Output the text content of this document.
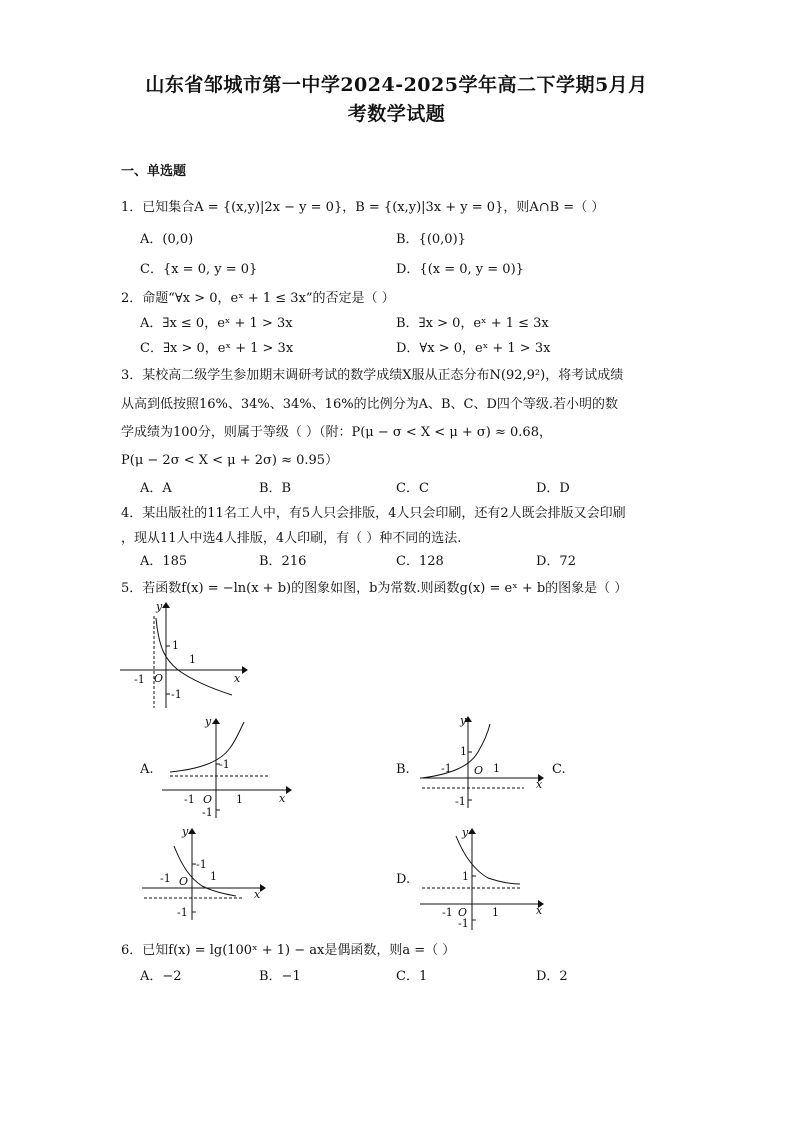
山东省邹城市第一中学2024-2025学年高二下学期5月月
考数学试题
一、单选题
1．已知集合A = {(x,y)|2x − y = 0}，B = {(x,y)|3x + y = 0}，则A∩B =（ ）
A．(0,0)	B．{(0,0)}
C．{x = 0, y = 0}	D．{(x = 0, y = 0)}
2．命题“∀x > 0，eˣ + 1 ≤ 3x”的否定是（ ）
A．∃x ≤ 0，eˣ + 1 > 3x	B．∃x > 0，eˣ + 1 ≤ 3x
C．∃x > 0，eˣ + 1 > 3x	D．∀x > 0，eˣ + 1 > 3x
3．某校高二级学生参加期末调研考试的数学成绩X服从正态分布N(92,9²)，将考试成绩
从高到低按照16%、34%、34%、16%的比例分为A、B、C、D四个等级.若小明的数
学成绩为100分，则属于等级（ ）（附：P(μ − σ < X < μ + σ) ≈ 0.68，
P(μ − 2σ < X < μ + 2σ) ≈ 0.95）
A．A	B．B	C．C	D．D
4．某出版社的11名工人中，有5人只会排版，4人只会印刷，还有2人既会排版又会印刷
，现从11人中选4人排版，4人印刷，有（ ）种不同的选法.
A．185	B．216	C．128	D．72
5．若函数f(x) = −ln(x + b)的图象如图，b为常数.则函数g(x) = eˣ + b的图象是（ ）
y
x
O
1
1
-1
-1
A.
y
x
O
-1
1
-1
-1
B.
y
x
O
1
1
-1
-1
C.
y
x
O
-1
1
-1
-1
D.
y
x
O
1
1
-1
-1
6．已知f(x) = lg(100ˣ + 1) − ax是偶函数，则a =（ ）
A．−2	B．−1	C．1	D．2
